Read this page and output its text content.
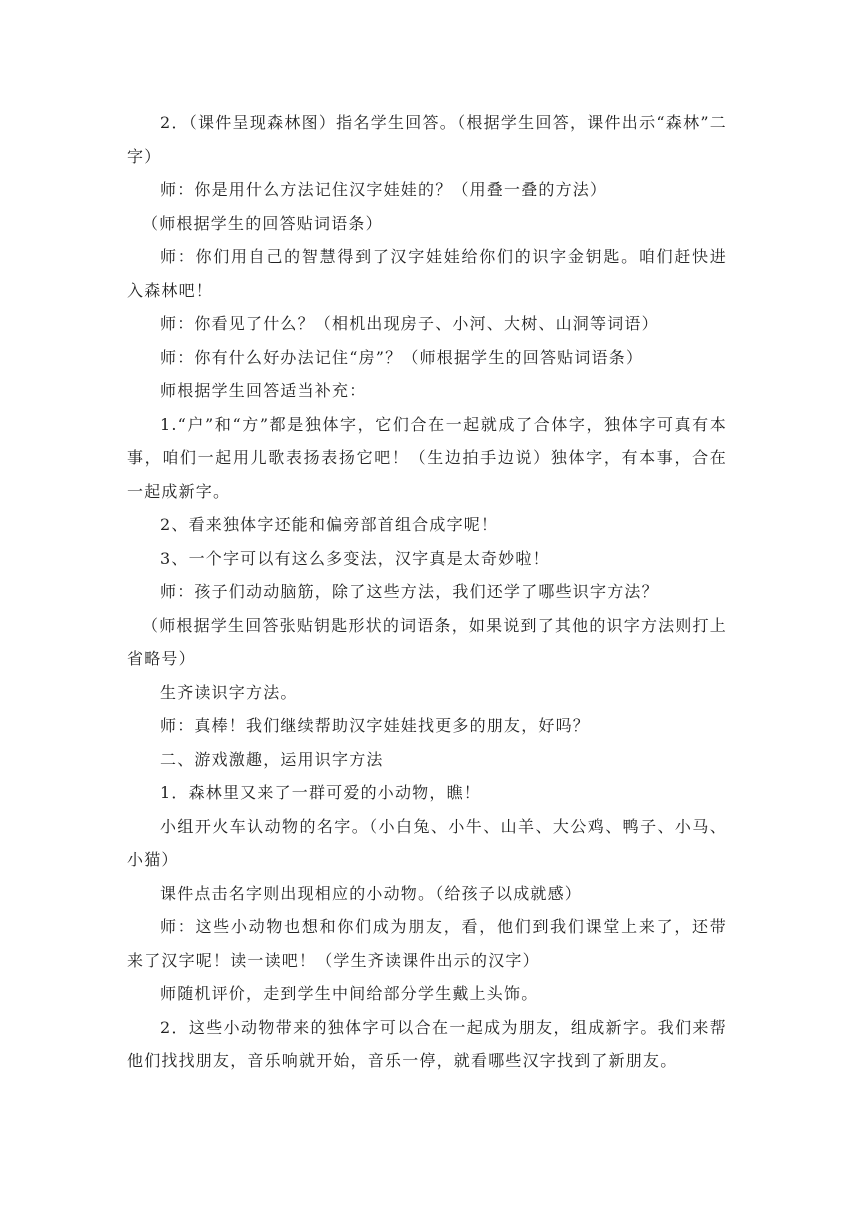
2．（课件呈现森林图）指名学生回答。（根据学生回答，课件出示“森林”二字）

师：你是用什么方法记住汉字娃娃的？（用叠一叠的方法）

（师根据学生的回答贴词语条）

师：你们用自己的智慧得到了汉字娃娃给你们的识字金钥匙。咱们赶快进入森林吧！

师：你看见了什么？（相机出现房子、小河、大树、山洞等词语）

师：你有什么好办法记住“房”？（师根据学生的回答贴词语条）

师根据学生回答适当补充：

1.“户”和“方”都是独体字，它们合在一起就成了合体字，独体字可真有本事，咱们一起用儿歌表扬表扬它吧！（生边拍手边说）独体字，有本事，合在一起成新字。

2、看来独体字还能和偏旁部首组合成字呢！

3、一个字可以有这么多变法，汉字真是太奇妙啦！

师：孩子们动动脑筋，除了这些方法，我们还学了哪些识字方法？

（师根据学生回答张贴钥匙形状的词语条，如果说到了其他的识字方法则打上省略号）

生齐读识字方法。

师：真棒！我们继续帮助汉字娃娃找更多的朋友，好吗？

二、游戏激趣，运用识字方法

1．森林里又来了一群可爱的小动物，瞧！

小组开火车认动物的名字。（小白兔、小牛、山羊、大公鸡、鸭子、小马、小猫）

课件点击名字则出现相应的小动物。（给孩子以成就感）

师：这些小动物也想和你们成为朋友，看，他们到我们课堂上来了，还带来了汉字呢！读一读吧！（学生齐读课件出示的汉字）

师随机评价，走到学生中间给部分学生戴上头饰。

2．这些小动物带来的独体字可以合在一起成为朋友，组成新字。我们来帮他们找找朋友，音乐响就开始，音乐一停，就看哪些汉字找到了新朋友。
